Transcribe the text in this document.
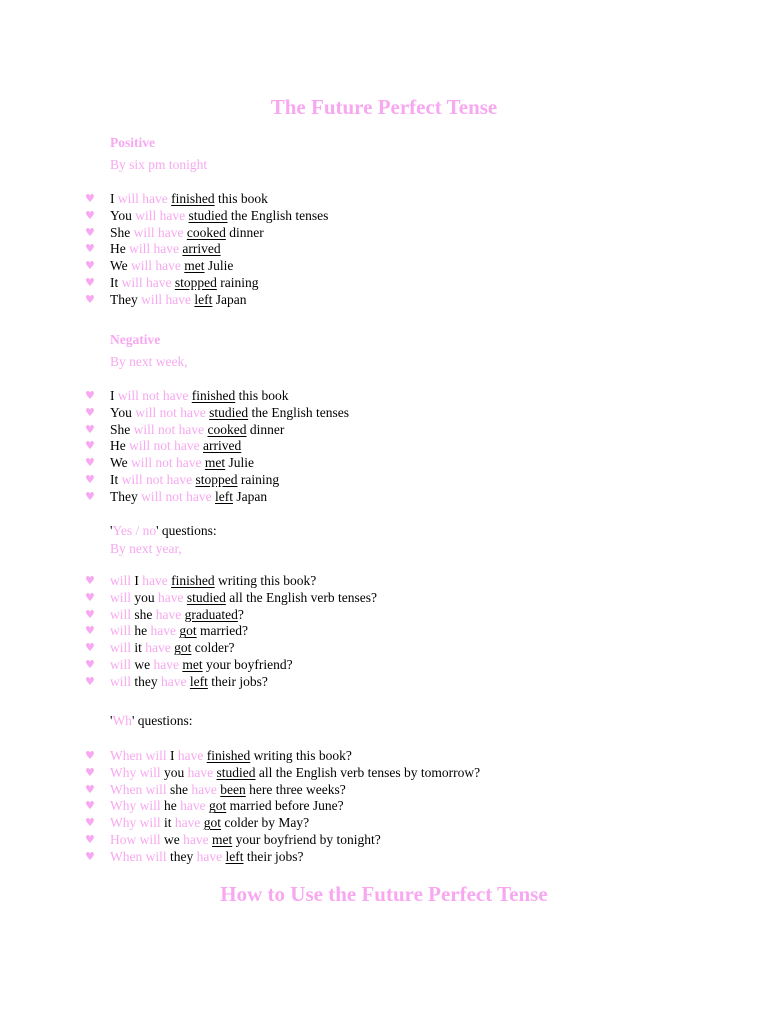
The Future Perfect Tense

Positive

By six pm tonight

♥ I will have finished this book
♥ You will have studied the English tenses
♥ She will have cooked dinner
♥ He will have arrived
♥ We will have met Julie
♥ It will have stopped raining
♥ They will have left Japan

Negative

By next week,

♥ I will not have finished this book
♥ You will not have studied the English tenses
♥ She will not have cooked dinner
♥ He will not have arrived
♥ We will not have met Julie
♥ It will not have stopped raining
♥ They will not have left Japan

'Yes / no' questions:

By next year,

♥ will I have finished writing this book?
♥ will you have studied all the English verb tenses?
♥ will she have graduated?
♥ will he have got married?
♥ will it have got colder?
♥ will we have met your boyfriend?
♥ will they have left their jobs?

'Wh' questions:

♥ When will I have finished writing this book?
♥ Why will you have studied all the English verb tenses by tomorrow?
♥ When will she have been here three weeks?
♥ Why will he have got married before June?
♥ Why will it have got colder by May?
♥ How will we have met your boyfriend by tonight?
♥ When will they have left their jobs?
How to Use the Future Perfect Tense
